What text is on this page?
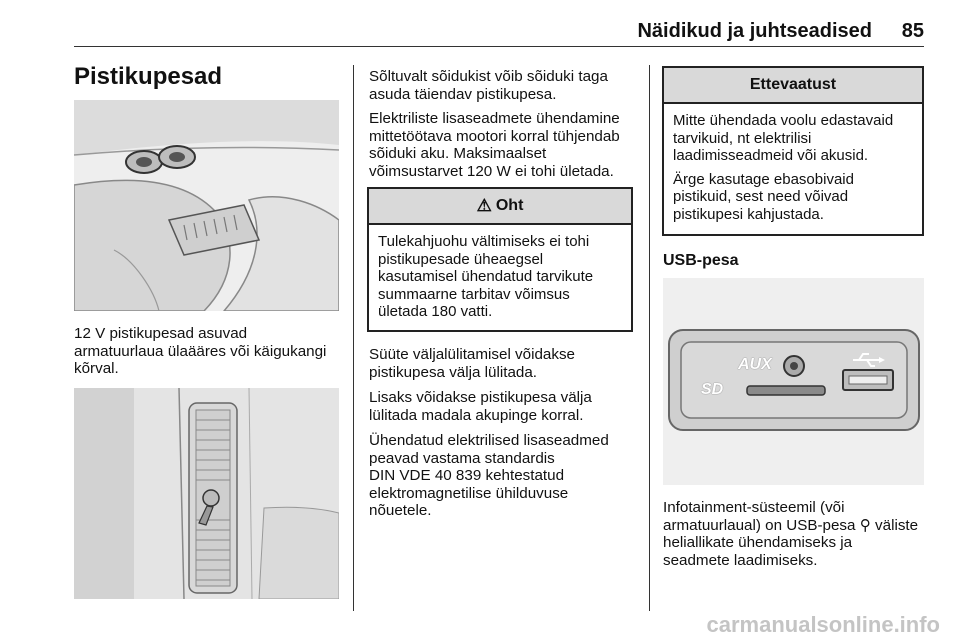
Näidikud ja juhtseadised 85
Pistikupesad
12 V pistikupesad asuvad
armatuurlaua ülaääres või käigukangi
kõrval.
Sõltuvalt sõidukist võib sõiduki taga
asuda täiendav pistikupesa.
Elektriliste lisaseadmete ühendamine
mittetöötava mootori korral tühjendab
sõiduki aku. Maksimaalset
võimsustarvet 120 W ei tohi ületada.
⚠ Oht
Tulekahjuohu vältimiseks ei tohi
pistikupesade üheaegsel
kasutamisel ühendatud tarvikute
summaarne tarbitav võimsus
ületada 180 vatti.
Süüte väljalülitamisel võidakse
pistikupesa välja lülitada.
Lisaks võidakse pistikupesa välja
lülitada madala akupinge korral.
Ühendatud elektrilised lisaseadmed
peavad vastama standardis
DIN VDE 40 839 kehtestatud
elektromagnetilise ühilduvuse
nõuetele.
Ettevaatust
Mitte ühendada voolu edastavaid
tarvikuid, nt elektrilisi
laadimisseadmeid või akusid.
Ärge kasutage ebasobivaid
pistikuid, sest need võivad
pistikupesi kahjustada.
USB-pesa
AUX
SD
Infotainment-süsteemil (või
armatuurlaual) on USB-pesa ⚲ väliste
heliallikate ühendamiseks ja
seadmete laadimiseks.
carmanualsonline.info
